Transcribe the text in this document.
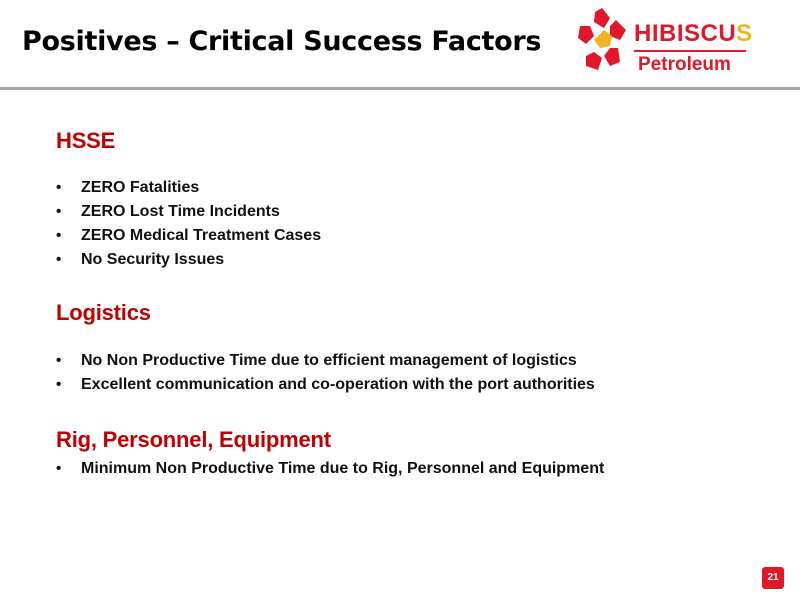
Positives – Critical Success Factors	HIBISCUS
Petroleum
HSSE
• ZERO Fatalities
• ZERO Lost Time Incidents
• ZERO Medical Treatment Cases
• No Security Issues
Logistics
• No Non Productive Time due to efficient management of logistics
• Excellent communication and co-operation with the port authorities
Rig, Personnel, Equipment
• Minimum Non Productive Time due to Rig, Personnel and Equipment
21
